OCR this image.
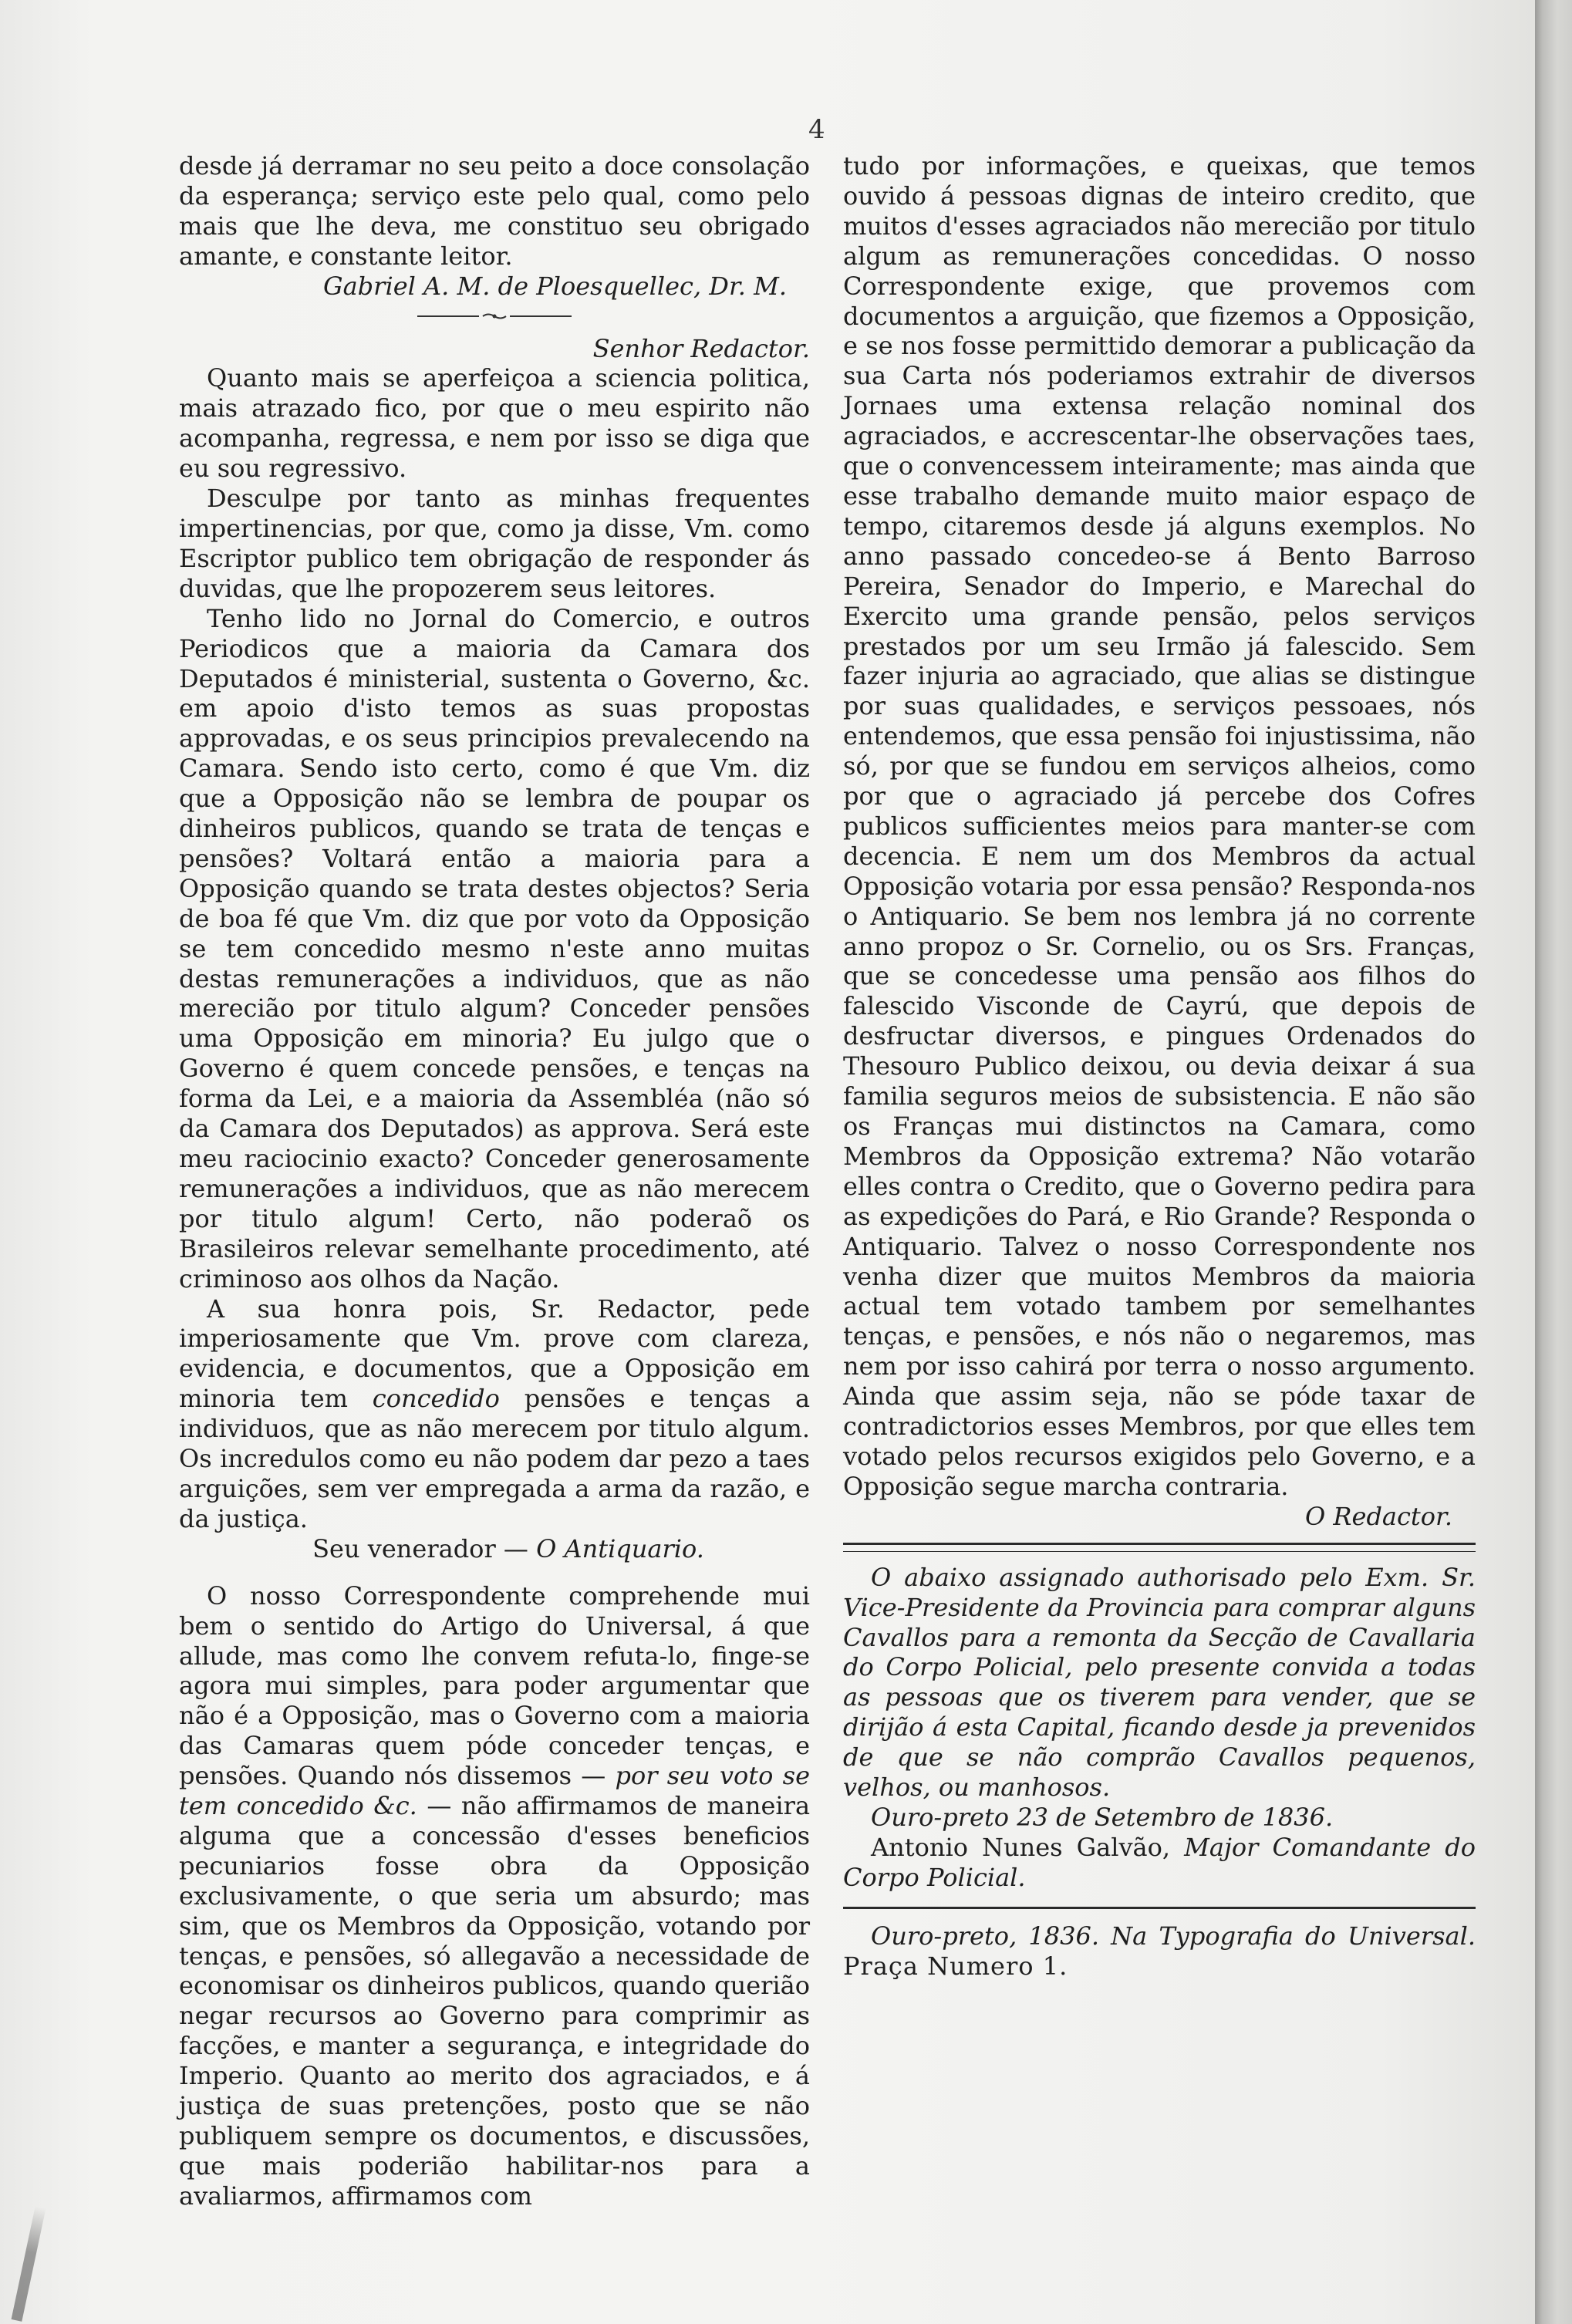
4

desde já derramar no seu peito a doce consolação da esperança; serviço este pelo qual, como pelo mais que lhe deva, me constituo seu obrigado amante, e constante leitor.

Gabriel A. M. de Ploesquellec, Dr. M.

Senhor Redactor.

Quanto mais se aperfeiçoa a sciencia politica, mais atrazado fico, por que o meu espirito não acompanha, regressa, e nem por isso se diga que eu sou regressivo.

Desculpe por tanto as minhas frequentes impertinencias, por que, como ja disse, Vm. como Escriptor publico tem obrigação de responder ás duvidas, que lhe propozerem seus leitores.

Tenho lido no Jornal do Comercio, e outros Periodicos que a maioria da Camara dos Deputados é ministerial, sustenta o Governo, &c. em apoio d'isto temos as suas propostas approvadas, e os seus principios prevalecendo na Camara. Sendo isto certo, como é que Vm. diz que a Opposição não se lembra de poupar os dinheiros publicos, quando se trata de tenças e pensões? Voltará então a maioria para a Opposição quando se trata destes objectos? Seria de boa fé que Vm. diz que por voto da Opposição se tem concedido mesmo n'este anno muitas destas remunerações a individuos, que as não merecião por titulo algum? Conceder pensões uma Opposição em minoria? Eu julgo que o Governo é quem concede pensões, e tenças na forma da Lei, e a maioria da Assembléa (não só da Camara dos Deputados) as approva. Será este meu raciocinio exacto? Conceder generosamente remunerações a individuos, que as não merecem por titulo algum! Certo, não poderaõ os Brasileiros relevar semelhante procedimento, até criminoso aos olhos da Nação.

A sua honra pois, Sr. Redactor, pede imperiosamente que Vm. prove com clareza, evidencia, e documentos, que a Opposição em minoria tem concedido pensões e tenças a individuos, que as não merecem por titulo algum. Os incredulos como eu não podem dar pezo a taes arguições, sem ver empregada a arma da razão, e da justiça.

Seu venerador — O Antiquario.

O nosso Correspondente comprehende mui bem o sentido do Artigo do Universal, á que allude, mas como lhe convem refuta-lo, finge-se agora mui simples, para poder argumentar que não é a Opposição, mas o Governo com a maioria das Camaras quem póde conceder tenças, e pensões. Quando nós dissemos — por seu voto se tem concedido &c. — não affirmamos de maneira alguma que a concessão d'esses beneficios pecuniarios fosse obra da Opposição exclusivamente, o que seria um absurdo; mas sim, que os Membros da Opposição, votando por tenças, e pensões, só allegavão a necessidade de economisar os dinheiros publicos, quando querião negar recursos ao Governo para comprimir as facções, e manter a segurança, e integridade do Imperio. Quanto ao merito dos agraciados, e á justiça de suas pretenções, posto que se não publiquem sempre os documentos, e discussões, que mais poderião habilitar-nos para a avaliarmos, affirmamos com

tudo por informações, e queixas, que temos ouvido á pessoas dignas de inteiro credito, que muitos d'esses agraciados não merecião por titulo algum as remunerações concedidas. O nosso Correspondente exige, que provemos com documentos a arguição, que fizemos a Opposição, e se nos fosse permittido demorar a publicação da sua Carta nós poderiamos extrahir de diversos Jornaes uma extensa relação nominal dos agraciados, e accrescentar-lhe observações taes, que o convencessem inteiramente; mas ainda que esse trabalho demande muito maior espaço de tempo, citaremos desde já alguns exemplos. No anno passado concedeo-se á Bento Barroso Pereira, Senador do Imperio, e Marechal do Exercito uma grande pensão, pelos serviços prestados por um seu Irmão já falescido. Sem fazer injuria ao agraciado, que alias se distingue por suas qualidades, e serviços pessoaes, nós entendemos, que essa pensão foi injustissima, não só, por que se fundou em serviços alheios, como por que o agraciado já percebe dos Cofres publicos sufficientes meios para manter-se com decencia. E nem um dos Membros da actual Opposição votaria por essa pensão? Responda-nos o Antiquario. Se bem nos lembra já no corrente anno propoz o Sr. Cornelio, ou os Srs. Franças, que se concedesse uma pensão aos filhos do falescido Visconde de Cayrú, que depois de desfructar diversos, e pingues Ordenados do Thesouro Publico deixou, ou devia deixar á sua familia seguros meios de subsistencia. E não são os Franças mui distinctos na Camara, como Membros da Opposição extrema? Não votarão elles contra o Credito, que o Governo pedira para as expedições do Pará, e Rio Grande? Responda o Antiquario. Talvez o nosso Correspondente nos venha dizer que muitos Membros da maioria actual tem votado tambem por semelhantes tenças, e pensões, e nós não o negaremos, mas nem por isso cahirá por terra o nosso argumento. Ainda que assim seja, não se póde taxar de contradictorios esses Membros, por que elles tem votado pelos recursos exigidos pelo Governo, e a Opposição segue marcha contraria.

O Redactor.

O abaixo assignado authorisado pelo Exm. Sr. Vice-Presidente da Provincia para comprar alguns Cavallos para a remonta da Secção de Cavallaria do Corpo Policial, pelo presente convida a todas as pessoas que os tiverem para vender, que se dirijão á esta Capital, ficando desde ja prevenidos de que se não comprão Cavallos pequenos, velhos, ou manhosos.

Ouro-preto 23 de Setembro de 1836.

Antonio Nunes Galvão, Major Comandante do Corpo Policial.

Ouro-preto, 1836. Na Typografia do Universal. Praça Numero 1.
